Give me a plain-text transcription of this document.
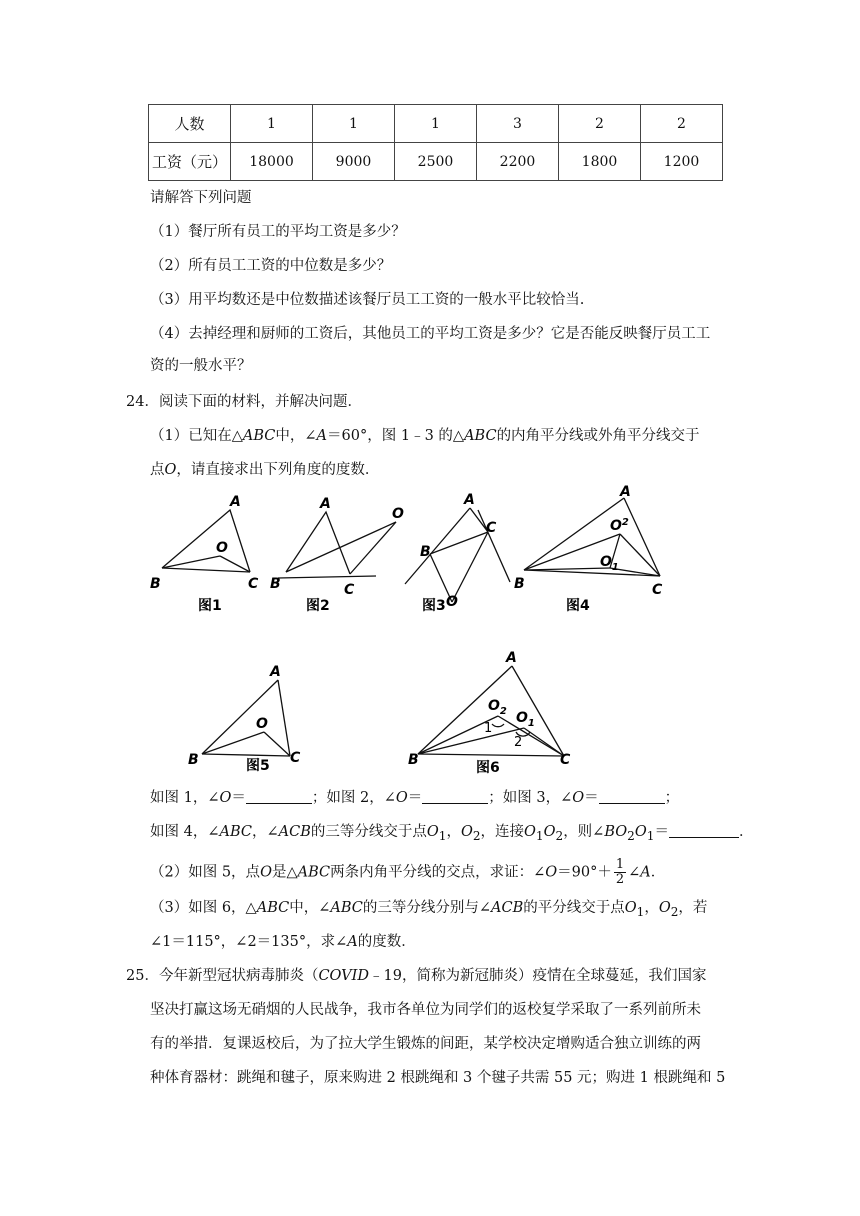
人数	1	1	1	3	2	2
工资（元）	18000	9000	2500	2200	1800	1200
请解答下列问题
（1）餐厅所有员工的平均工资是多少？
（2）所有员工工资的中位数是多少？
（3）用平均数还是中位数描述该餐厅员工工资的一般水平比较恰当.
（4）去掉经理和厨师的工资后，其他员工的平均工资是多少？它是否能反映餐厅员工工
资的一般水平？
24．阅读下面的材料，并解决问题．
（1）已知在△ABC中，∠A＝60°，图 1﹣3 的△ABC的内角平分线或外角平分线交于
点O，请直接求出下列角度的度数．
A
O
B	C
图1
A
O
B	C
图2
A
C
B
O
图3
A
$O^2$
$O_1$
B	C
图4
A
O
B	C
图5
A
$O_2$ $O_1$
1
2
B	C
图6
如图 1，∠O＝	；如图 2，∠O＝	；如图 3，∠O＝	；
如图 4，∠ABC，∠ACB的三等分线交于点$O_1$，$O_2$，连接$O_1O_2$，则$\angle BO_2O_1=$	．
（2）如图 5，点O是△ABC两条内角平分线的交点，求证：∠O＝90°＋ $\frac{1}{2}$ ∠A．
（3）如图 6，△ABC中，∠ABC的三等分线分别与∠ACB的平分线交于点$O_1$，$O_2$，若
∠1＝115°，∠2＝135°，求∠A的度数．
25．今年新型冠状病毒肺炎（COVID﹣19，简称为新冠肺炎）疫情在全球蔓延，我们国家
坚决打赢这场无硝烟的人民战争，我市各单位为同学们的返校复学采取了一系列前所未
有的举措．复课返校后，为了拉大学生锻炼的间距，某学校决定增购适合独立训练的两
种体育器材：跳绳和毽子，原来购进 2 根跳绳和 3 个毽子共需 55 元；购进 1 根跳绳和 5
